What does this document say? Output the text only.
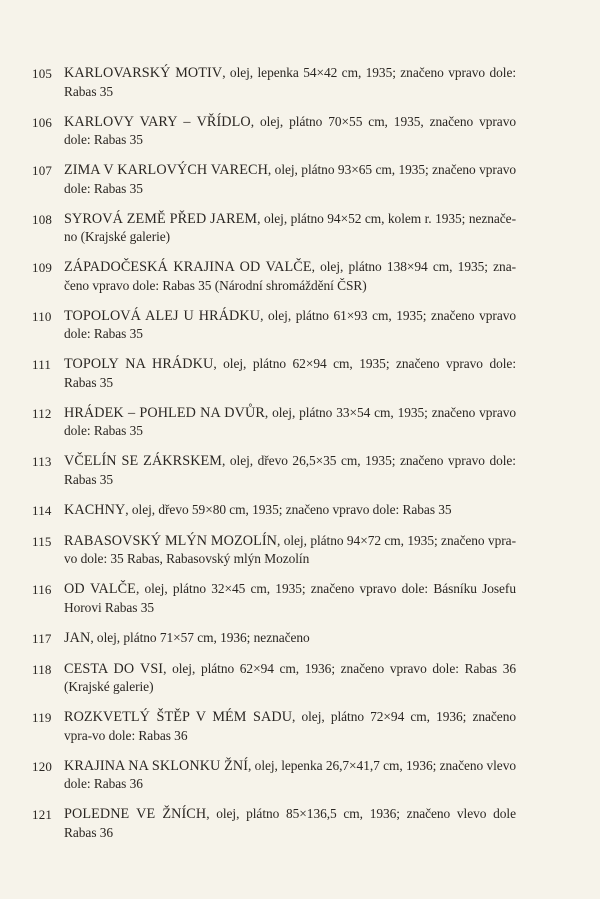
105 KARLOVARSKÝ MOTIV, olej, lepenka 54×42 cm, 1935; značeno vpravo dole: Rabas 35
106 KARLOVY VARY – VŘÍDLO, olej, plátno 70×55 cm, 1935, značeno vpravo dole: Rabas 35
107 ZIMA V KARLOVÝCH VARECH, olej, plátno 93×65 cm, 1935; značeno vpravo dole: Rabas 35
108 SYROVÁ ZEMĚ PŘED JAREM, olej, plátno 94×52 cm, kolem r. 1935; neznače-no (Krajské galerie)
109 ZÁPADOČESKÁ KRAJINA OD VALČE, olej, plátno 138×94 cm, 1935; zna-čeno vpravo dole: Rabas 35 (Národní shromáždění ČSR)
110 TOPOLOVÁ ALEJ U HRÁDKU, olej, plátno 61×93 cm, 1935; značeno vpravo dole: Rabas 35
111 TOPOLY NA HRÁDKU, olej, plátno 62×94 cm, 1935; značeno vpravo dole: Rabas 35
112 HRÁDEK – POHLED NA DVŮR, olej, plátno 33×54 cm, 1935; značeno vpravo dole: Rabas 35
113 VČELÍN SE ZÁKRSKEM, olej, dřevo 26,5×35 cm, 1935; značeno vpravo dole: Rabas 35
114 KACHNY, olej, dřevo 59×80 cm, 1935; značeno vpravo dole: Rabas 35
115 RABASOVSKÝ MLÝN MOZOLÍN, olej, plátno 94×72 cm, 1935; značeno vpra-vo dole: 35 Rabas, Rabasovský mlýn Mozolín
116 OD VALČE, olej, plátno 32×45 cm, 1935; značeno vpravo dole: Básníku Josefu Horovi Rabas 35
117 JAN, olej, plátno 71×57 cm, 1936; neznačeno
118 CESTA DO VSI, olej, plátno 62×94 cm, 1936; značeno vpravo dole: Rabas 36 (Krajské galerie)
119 ROZKVETLÝ ŠTĚP V MÉM SADU, olej, plátno 72×94 cm, 1936; značeno vpra-vo dole: Rabas 36
120 KRAJINA NA SKLONKU ŽNÍ, olej, lepenka 26,7×41,7 cm, 1936; značeno vlevo dole: Rabas 36
121 POLEDNE VE ŽNÍCH, olej, plátno 85×136,5 cm, 1936; značeno vlevo dole Rabas 36
